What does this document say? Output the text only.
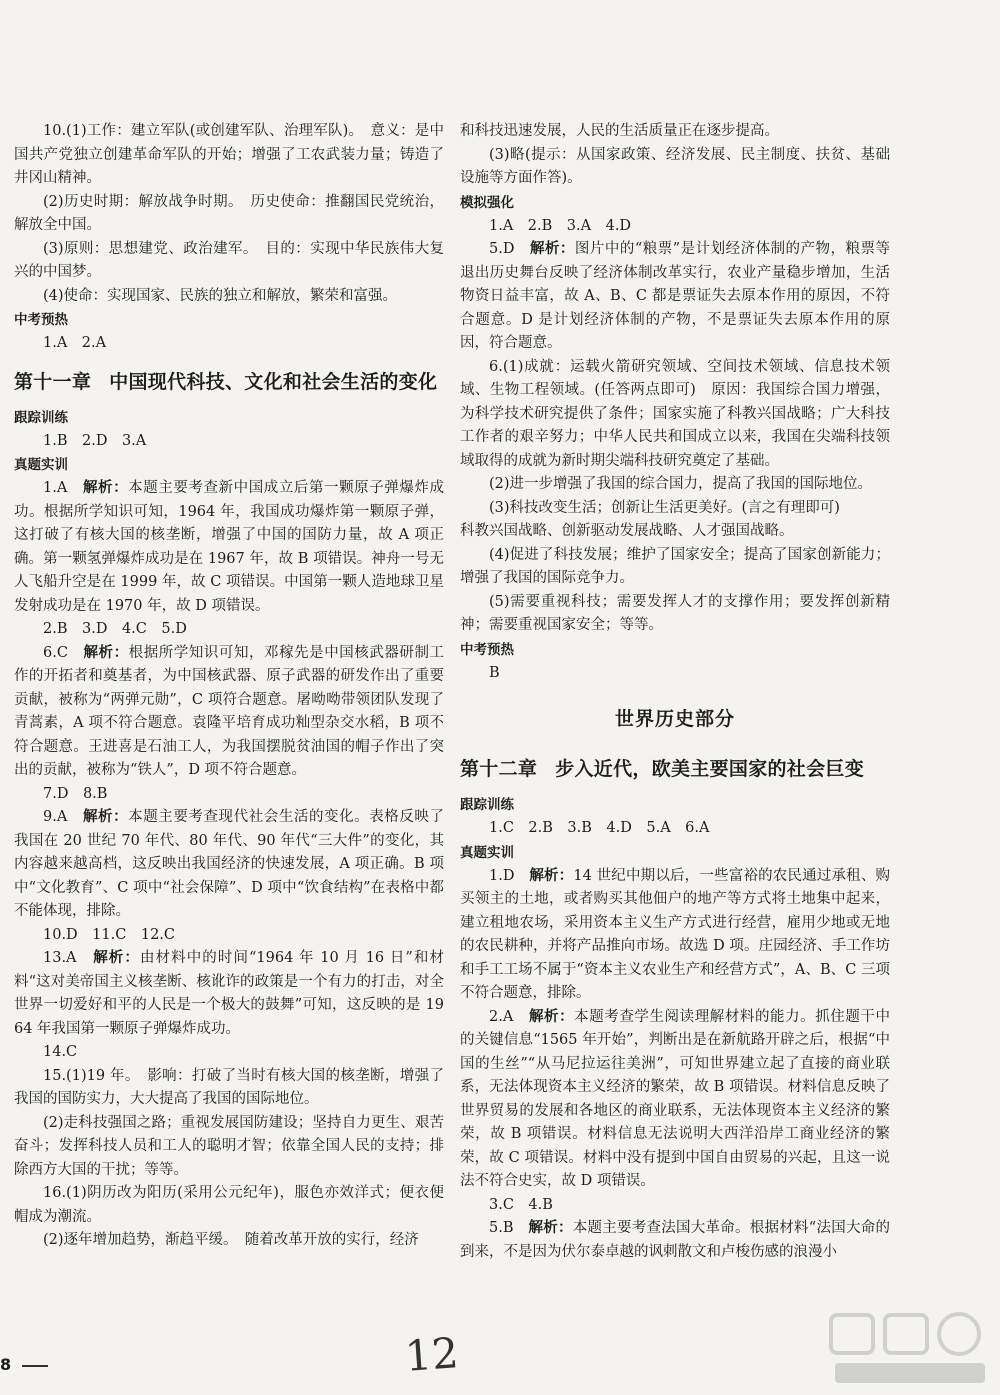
10.(1)工作：建立军队(或创建军队、治理军队)。　意义：是中国共产党独立创建革命军队的开始；增强了工农武装力量；铸造了井冈山精神。

(2)历史时期：解放战争时期。　历史使命：推翻国民党统治，解放全中国。

(3)原则：思想建党、政治建军。　目的：实现中华民族伟大复兴的中国梦。

(4)使命：实现国家、民族的独立和解放，繁荣和富强。

中考预热

1.A　2.A

第十一章 中国现代科技、文化和社会生活的变化

跟踪训练

1.B　2.D　3.A

真题实训

1.A　解析：本题主要考查新中国成立后第一颗原子弹爆炸成功。根据所学知识可知，1964 年，我国成功爆炸第一颗原子弹，这打破了有核大国的核垄断，增强了中国的国防力量，故 A 项正确。第一颗氢弹爆炸成功是在 1967 年，故 B 项错误。神舟一号无人飞船升空是在 1999 年，故 C 项错误。中国第一颗人造地球卫星发射成功是在 1970 年，故 D 项错误。

2.B　3.D　4.C　5.D

6.C　解析：根据所学知识可知，邓稼先是中国核武器研制工作的开拓者和奠基者，为中国核武器、原子武器的研发作出了重要贡献，被称为“两弹元勋”，C 项符合题意。屠呦呦带领团队发现了青蒿素，A 项不符合题意。袁隆平培育成功籼型杂交水稻，B 项不符合题意。王进喜是石油工人，为我国摆脱贫油国的帽子作出了突出的贡献，被称为“铁人”，D 项不符合题意。

7.D　8.B

9.A　解析：本题主要考查现代社会生活的变化。表格反映了我国在 20 世纪 70 年代、80 年代、90 年代“三大件”的变化，其内容越来越高档，这反映出我国经济的快速发展，A 项正确。B 项中“文化教育”、C 项中“社会保障”、D 项中“饮食结构”在表格中都不能体现，排除。

10.D　11.C　12.C

13.A　解析：由材料中的时间“1964 年 10 月 16 日”和材料“这对美帝国主义核垄断、核讹诈的政策是一个有力的打击，对全世界一切爱好和平的人民是一个极大的鼓舞”可知，这反映的是 1964 年我国第一颗原子弹爆炸成功。

14.C

15.(1)19 年。　影响：打破了当时有核大国的核垄断，增强了我国的国防实力，大大提高了我国的国际地位。

(2)走科技强国之路；重视发展国防建设；坚持自力更生、艰苦奋斗；发挥科技人员和工人的聪明才智；依靠全国人民的支持；排除西方大国的干扰；等等。

16.(1)阴历改为阳历(采用公元纪年)，服色亦效洋式；便衣便帽成为潮流。

(2)逐年增加趋势，渐趋平缓。　随着改革开放的实行，经济

和科技迅速发展，人民的生活质量正在逐步提高。

(3)略(提示：从国家政策、经济发展、民主制度、扶贫、基础设施等方面作答)。

模拟强化

1.A　2.B　3.A　4.D

5.D　解析：图片中的“粮票”是计划经济体制的产物，粮票等退出历史舞台反映了经济体制改革实行，农业产量稳步增加，生活物资日益丰富，故 A、B、C 都是票证失去原本作用的原因，不符合题意。D 是计划经济体制的产物，不是票证失去原本作用的原因，符合题意。

6.(1)成就：运载火箭研究领域、空间技术领域、信息技术领域、生物工程领域。(任答两点即可)　原因：我国综合国力增强，为科学技术研究提供了条件；国家实施了科教兴国战略；广大科技工作者的艰辛努力；中华人民共和国成立以来，我国在尖端科技领域取得的成就为新时期尖端科技研究奠定了基础。

(2)进一步增强了我国的综合国力，提高了我国的国际地位。

(3)科技改变生活；创新让生活更美好。(言之有理即可)

科教兴国战略、创新驱动发展战略、人才强国战略。

(4)促进了科技发展；维护了国家安全；提高了国家创新能力；增强了我国的国际竞争力。

(5)需要重视科技；需要发挥人才的支撑作用；要发挥创新精神；需要重视国家安全；等等。

中考预热

B

世界历史部分
第十二章 步入近代，欧美主要国家的社会巨变

跟踪训练

1.C　2.B　3.B　4.D　5.A　6.A

真题实训

1.D　解析：14 世纪中期以后，一些富裕的农民通过承租、购买领主的土地，或者购买其他佃户的地产等方式将土地集中起来，建立租地农场，采用资本主义生产方式进行经营，雇用少地或无地的农民耕种，并将产品推向市场。故选 D 项。庄园经济、手工作坊和手工工场不属于“资本主义农业生产和经营方式”，A、B、C 三项不符合题意，排除。

2.A　解析：本题考查学生阅读理解材料的能力。抓住题干中的关键信息“1565 年开始”，判断出是在新航路开辟之后，根据“中国的生丝”“从马尼拉运往美洲”，可知世界建立起了直接的商业联系，无法体现资本主义经济的繁荣，故 B 项错误。材料信息反映了世界贸易的发展和各地区的商业联系，无法体现资本主义经济的繁荣，故 B 项错误。材料信息无法说明大西洋沿岸工商业经济的繁荣，故 C 项错误。材料中没有提到中国自由贸易的兴起，且这一说法不符合史实，故 D 项错误。

3.C　4.B

5.B　解析：本题主要考查法国大革命。根据材料“法国大命的到来，不是因为伏尔泰卓越的讽刺散文和卢梭伤感的浪漫小

8	12
